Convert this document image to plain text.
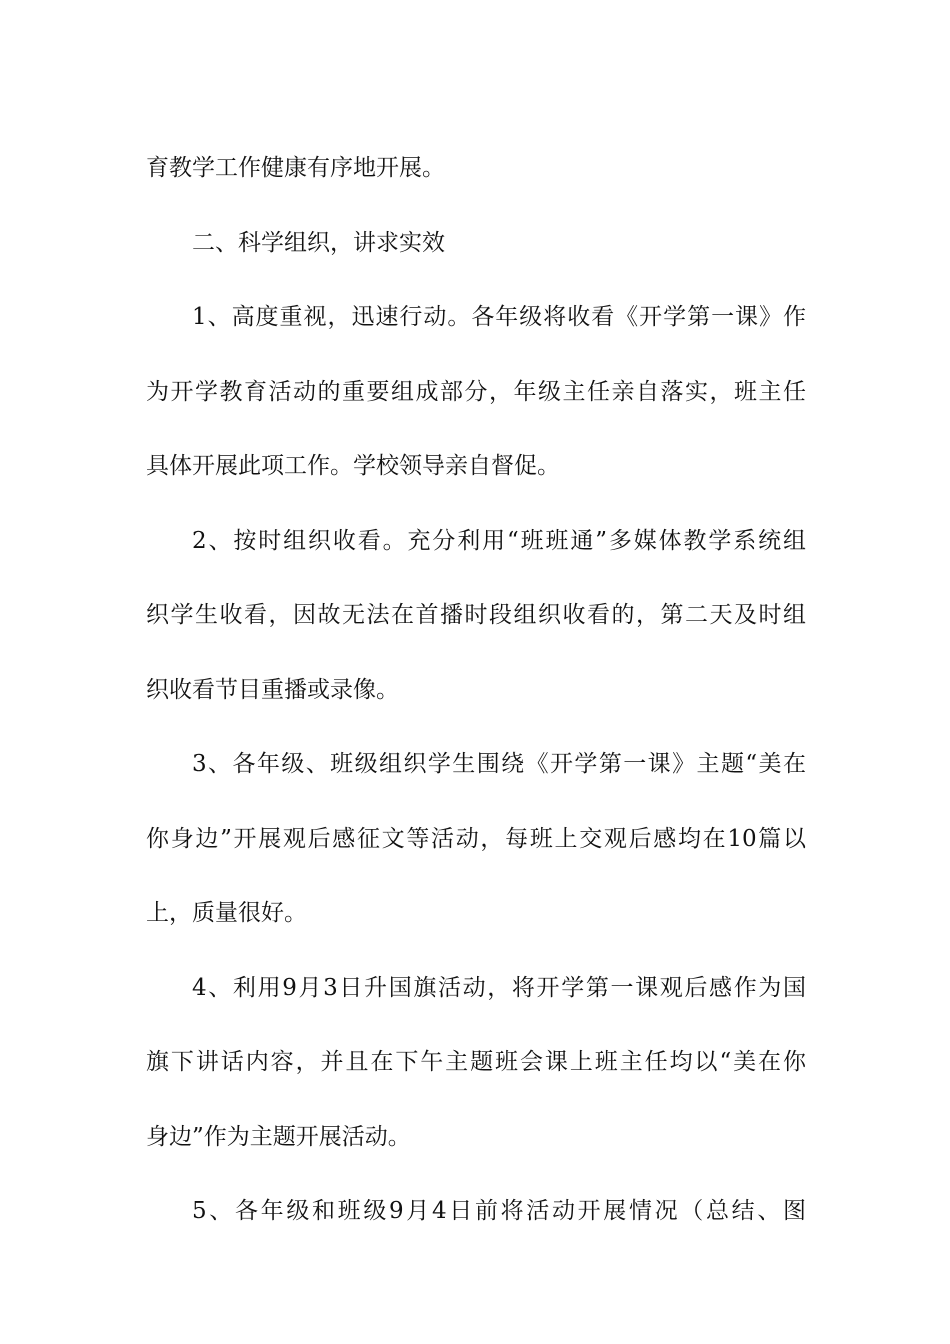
育教学工作健康有序地开展。
二、科学组织，讲求实效
1、高度重视，迅速行动。各年级将收看《开学第一课》作
为开学教育活动的重要组成部分，年级主任亲自落实，班主任
具体开展此项工作。学校领导亲自督促。
2、按时组织收看。充分利用“班班通”多媒体教学系统组
织学生收看，因故无法在首播时段组织收看的，第二天及时组
织收看节目重播或录像。
3、各年级、班级组织学生围绕《开学第一课》主题“美在
你身边”开展观后感征文等活动，每班上交观后感均在10篇以
上，质量很好。
4、利用9月3日升国旗活动，将开学第一课观后感作为国
旗下讲话内容，并且在下午主题班会课上班主任均以“美在你
身边”作为主题开展活动。
5、各年级和班级9月4日前将活动开展情况（总结、图
